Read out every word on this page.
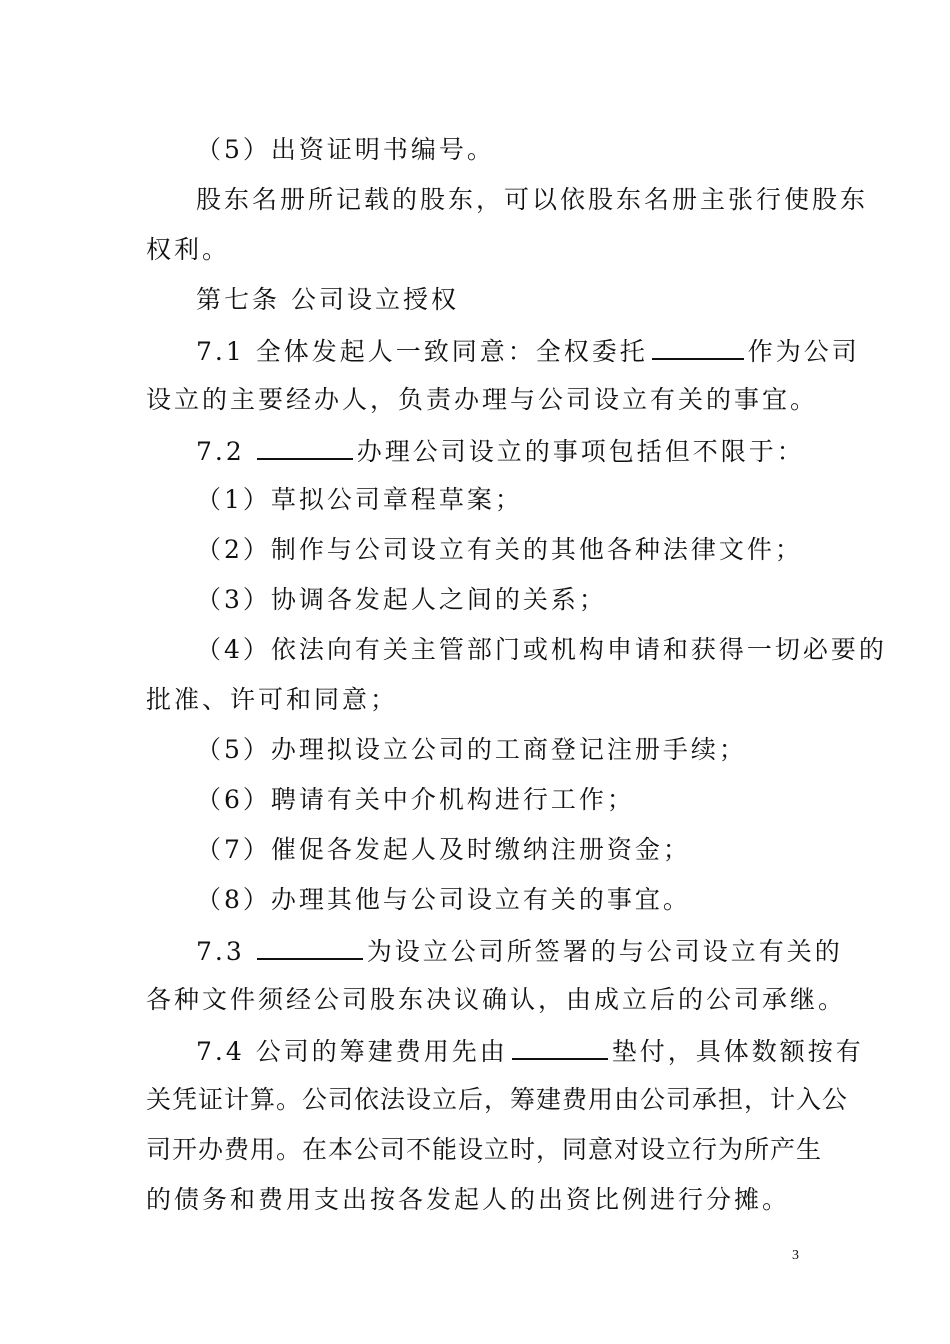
（5）出资证明书编号。
股东名册所记载的股东，可以依股东名册主张行使股东
权利。
第七条 公司设立授权
7.1 全体发起人一致同意：全权委托	作为公司
设立的主要经办人，负责办理与公司设立有关的事宜。
7.2	办理公司设立的事项包括但不限于：
（1）草拟公司章程草案；
（2）制作与公司设立有关的其他各种法律文件；
（3）协调各发起人之间的关系；
（4）依法向有关主管部门或机构申请和获得一切必要的
批准、许可和同意；
（5）办理拟设立公司的工商登记注册手续；
（6）聘请有关中介机构进行工作；
（7）催促各发起人及时缴纳注册资金；
（8）办理其他与公司设立有关的事宜。
7.3	为设立公司所签署的与公司设立有关的
各种文件须经公司股东决议确认，由成立后的公司承继。
7.4 公司的筹建费用先由	垫付，具体数额按有
关凭证计算。公司依法设立后，筹建费用由公司承担，计入公
司开办费用。在本公司不能设立时，同意对设立行为所产生
的债务和费用支出按各发起人的出资比例进行分摊。
3
